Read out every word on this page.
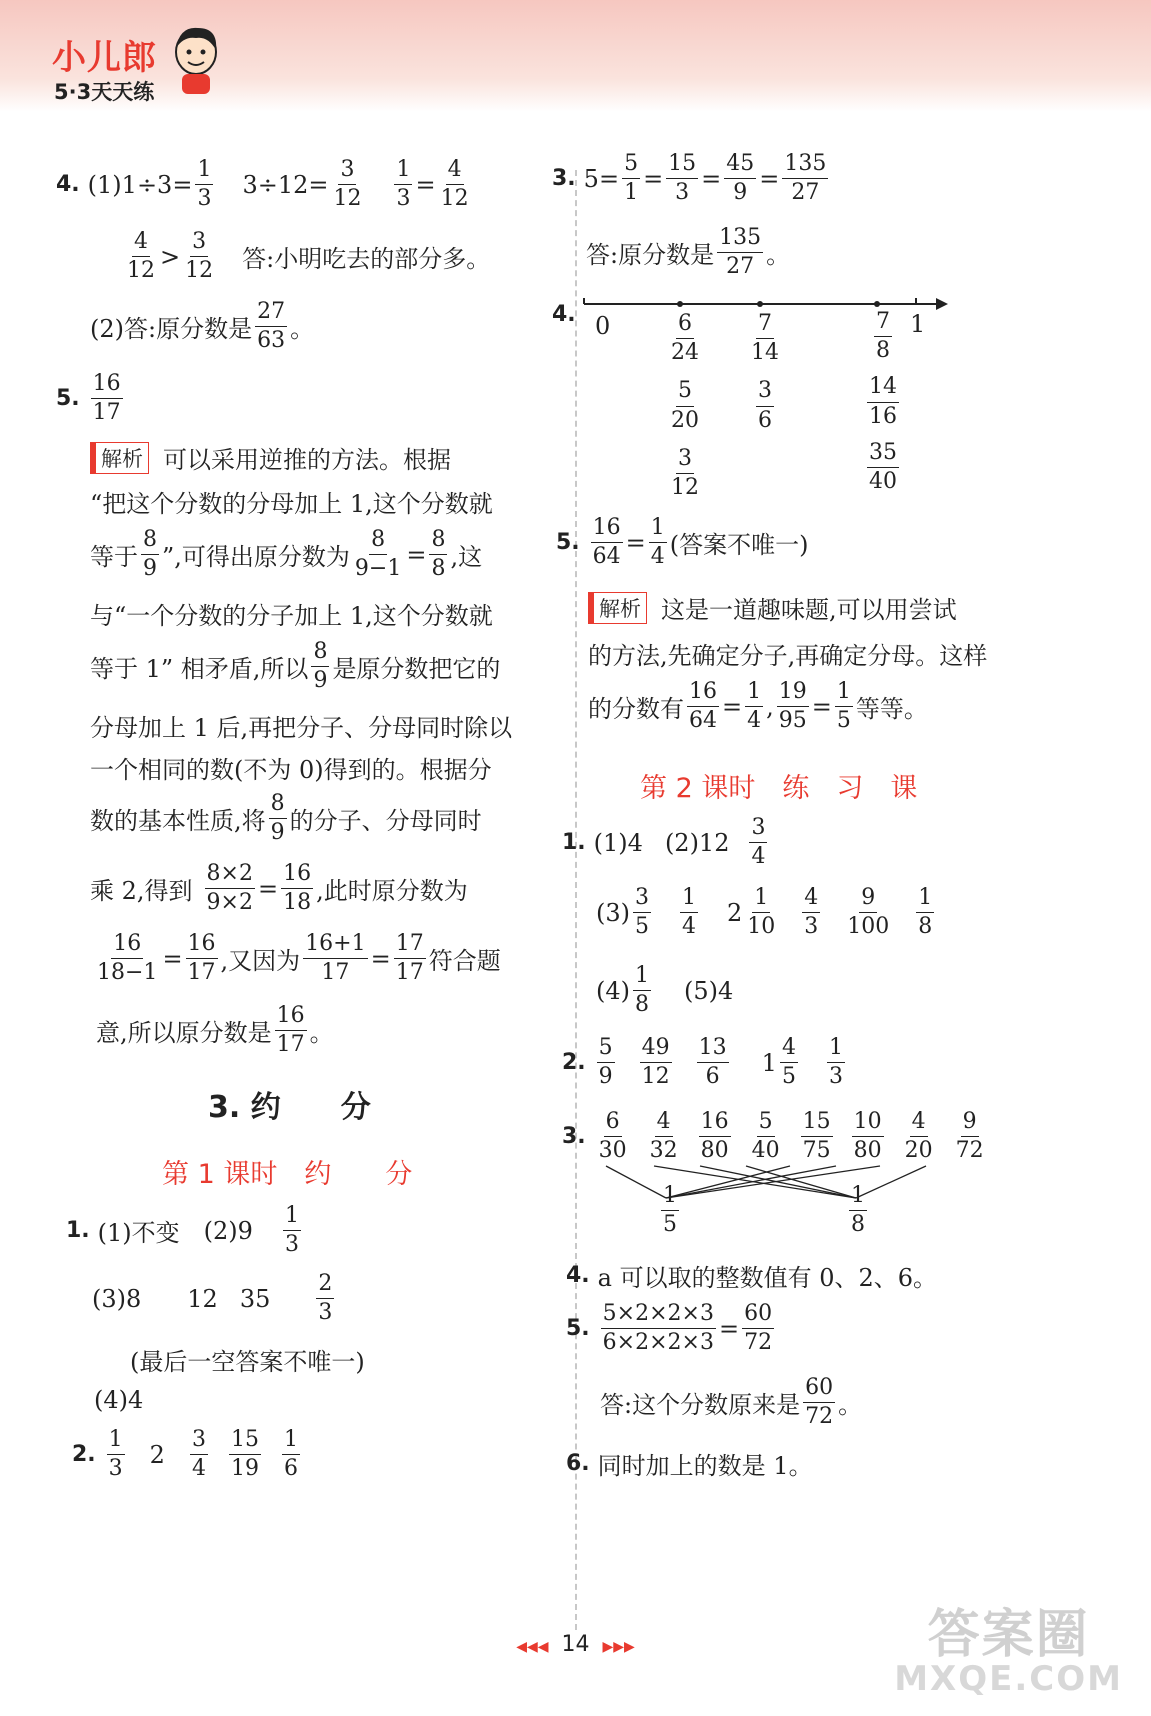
小儿郎
5·3天天练
4. $(1)1\div 3= \frac{1}{3} 3\div 12= \frac{3}{12} 1$
3 =
4
12
4
12 >
3
12 答:小明吃去的部分多。
(2)答:原分数是
27
63 。
5.
16
17
解析 可以采用逆推的方法。根据
“把这个分数的分母加上 1,这个分数就
等于
8
9 ”,可得出原分数为 $\frac{8}{9-1} = \frac{8}{8}$ ,这
与“一个分数的分子加上 1,这个分数就
等于 1” 相矛盾,所以
8
9 是原分数把它的
分母加上 1 后,再把分子、分母同时除以
一个相同的数(不为 0)得到的。根据分
数的基本性质,将
8
9 的分子、分母同时
乘 2,得到 $\frac{8\times 2}{9\times 2} = \frac{16}{18}$ ,此时原分数为
$\frac{16}{18-1} = \frac{16}{17}$ ,又因为 $\frac{16+1}{17} = \frac{17}{17}$ 符合题
意,所以原分数是
16
17 。
3. 约　　分
第 1 课时　约　　分
1. (1)不变 (2)9
1
3
(3)8 12 35
2
3
(最后一空答案不唯一)
(4)4
2.
1
3 2
3
4
15
19
1
6
3. $5= \frac{5}{1} = \frac{15}{3} = \frac{45}{9} = \frac{135}{27}$
答:原分数是
135
27 。
4. 0	1
6
24
5
20
3
12
7
14
3
6
7
8
14
16
35
40
5. $\frac{16}{64} = \frac{1}{4}$ (答案不唯一)
解析 这是一道趣味题,可以用尝试
的方法,先确定分子,再确定分母。这样
的分数有 $\frac{16}{64} = \frac{1}{4}$ , $\frac{19}{95} = \frac{1}{5}$ 等等。
第 2 课时　练　习　课
1. (1)4 (2)12
3
4
(3)
3
5
1
4 2
1
10
4
3
9
100
1
8
(4)
1
8 (5)4
2.
5
9
49
12
13
6 1
4
5
1
3
3.
6
30
4
32
16
80
5
40
15
75
10
80
4
20
9
72
1
5
1
8
4. a 可以取的整数值有 0、2、6。
5. $\frac{5\times 2\times 2\times 3}{6\times 2\times 2\times 3} = \frac{60}{72}$
答:这个分数原来是
60
72 。
6. 同时加上的数是 1。
◀◀◀ 14 ▶▶▶	答案圈
MXQE.COM
